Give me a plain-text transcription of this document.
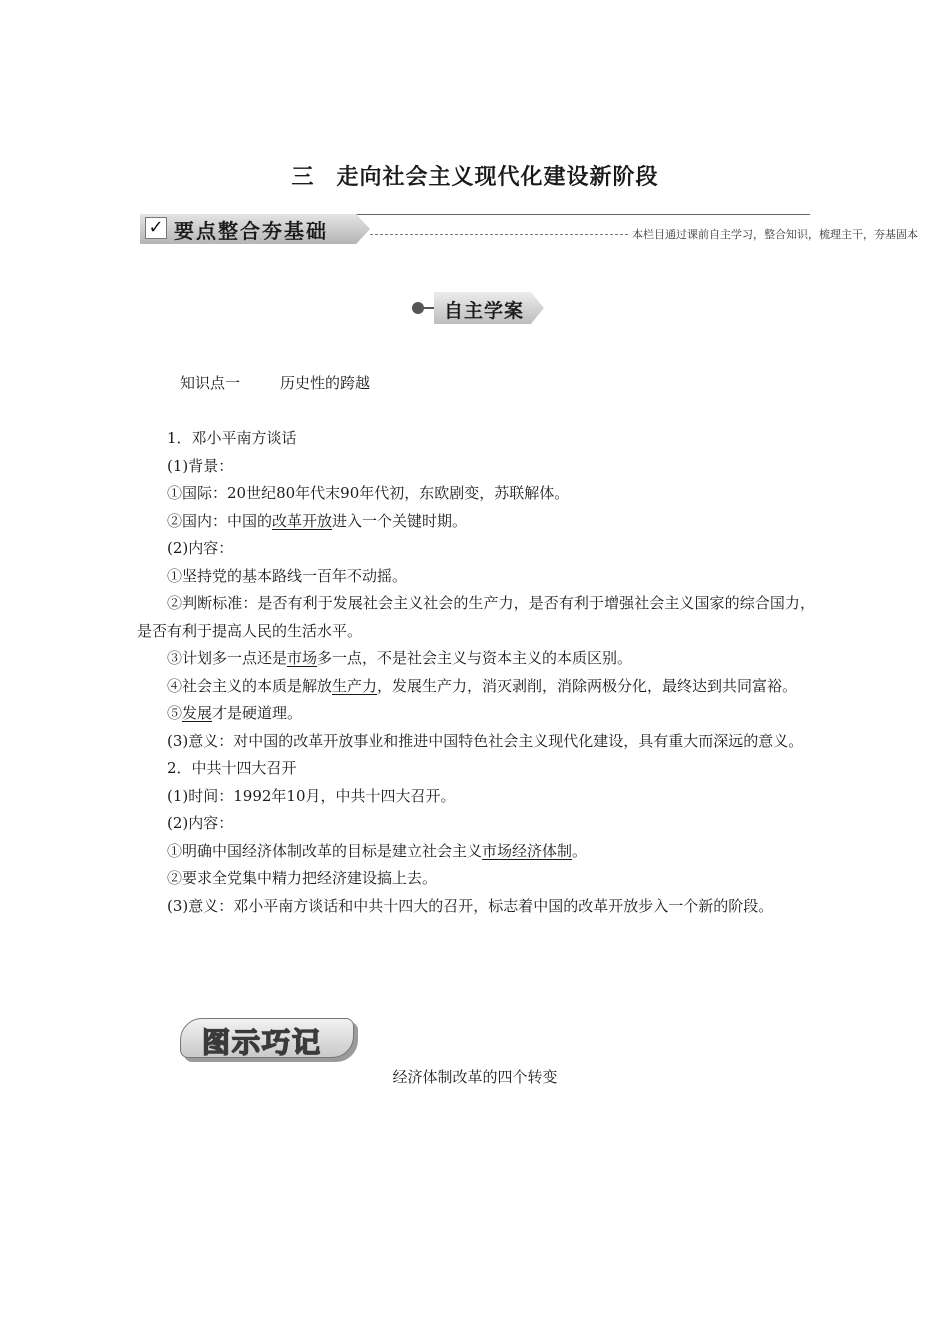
三 走向社会主义现代化建设新阶段
✓ 要点整合夯基础	本栏目通过课前自主学习，整合知识，梳理主干，夯基固本
自主学案
知识点一	历史性的跨越

1．邓小平南方谈话

(1)背景：

①国际：20世纪80年代末90年代初，东欧剧变，苏联解体。

②国内：中国的改革开放进入一个关键时期。

(2)内容：

①坚持党的基本路线一百年不动摇。

②判断标准：是否有利于发展社会主义社会的生产力，是否有利于增强社会主义国家的综合国力，是否有利于提高人民的生活水平。

③计划多一点还是市场多一点，不是社会主义与资本主义的本质区别。

④社会主义的本质是解放生产力，发展生产力，消灭剥削，消除两极分化，最终达到共同富裕。

⑤发展才是硬道理。

(3)意义：对中国的改革开放事业和推进中国特色社会主义现代化建设，具有重大而深远的意义。

2．中共十四大召开

(1)时间：1992年10月，中共十四大召开。

(2)内容：

①明确中国经济体制改革的目标是建立社会主义市场经济体制。

②要求全党集中精力把经济建设搞上去。

(3)意义：邓小平南方谈话和中共十四大的召开，标志着中国的改革开放步入一个新的阶段。

图示巧记
经济体制改革的四个转变
